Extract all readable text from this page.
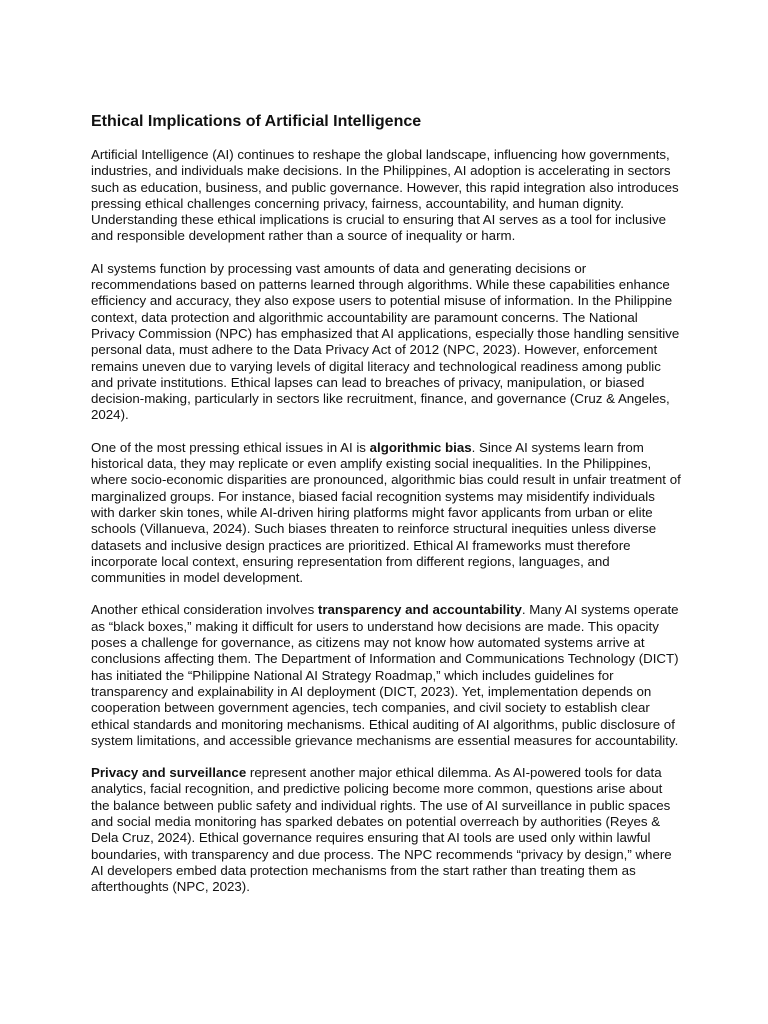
Ethical Implications of Artificial Intelligence

Artificial Intelligence (AI) continues to reshape the global landscape, influencing how governments, industries, and individuals make decisions. In the Philippines, AI adoption is accelerating in sectors such as education, business, and public governance. However, this rapid integration also introduces pressing ethical challenges concerning privacy, fairness, accountability, and human dignity. Understanding these ethical implications is crucial to ensuring that AI serves as a tool for inclusive and responsible development rather than a source of inequality or harm.

AI systems function by processing vast amounts of data and generating decisions or recommendations based on patterns learned through algorithms. While these capabilities enhance efficiency and accuracy, they also expose users to potential misuse of information. In the Philippine context, data protection and algorithmic accountability are paramount concerns. The National Privacy Commission (NPC) has emphasized that AI applications, especially those handling sensitive personal data, must adhere to the Data Privacy Act of 2012 (NPC, 2023). However, enforcement remains uneven due to varying levels of digital literacy and technological readiness among public and private institutions. Ethical lapses can lead to breaches of privacy, manipulation, or biased decision-making, particularly in sectors like recruitment, finance, and governance (Cruz & Angeles, 2024).

One of the most pressing ethical issues in AI is algorithmic bias. Since AI systems learn from historical data, they may replicate or even amplify existing social inequalities. In the Philippines, where socio-economic disparities are pronounced, algorithmic bias could result in unfair treatment of marginalized groups. For instance, biased facial recognition systems may misidentify individuals with darker skin tones, while AI-driven hiring platforms might favor applicants from urban or elite schools (Villanueva, 2024). Such biases threaten to reinforce structural inequities unless diverse datasets and inclusive design practices are prioritized. Ethical AI frameworks must therefore incorporate local context, ensuring representation from different regions, languages, and communities in model development.

Another ethical consideration involves transparency and accountability. Many AI systems operate as “black boxes,” making it difficult for users to understand how decisions are made. This opacity poses a challenge for governance, as citizens may not know how automated systems arrive at conclusions affecting them. The Department of Information and Communications Technology (DICT) has initiated the “Philippine National AI Strategy Roadmap,” which includes guidelines for transparency and explainability in AI deployment (DICT, 2023). Yet, implementation depends on cooperation between government agencies, tech companies, and civil society to establish clear ethical standards and monitoring mechanisms. Ethical auditing of AI algorithms, public disclosure of system limitations, and accessible grievance mechanisms are essential measures for accountability.

Privacy and surveillance represent another major ethical dilemma. As AI-powered tools for data analytics, facial recognition, and predictive policing become more common, questions arise about the balance between public safety and individual rights. The use of AI surveillance in public spaces and social media monitoring has sparked debates on potential overreach by authorities (Reyes & Dela Cruz, 2024). Ethical governance requires ensuring that AI tools are used only within lawful boundaries, with transparency and due process. The NPC recommends “privacy by design,” where AI developers embed data protection mechanisms from the start rather than treating them as afterthoughts (NPC, 2023).
